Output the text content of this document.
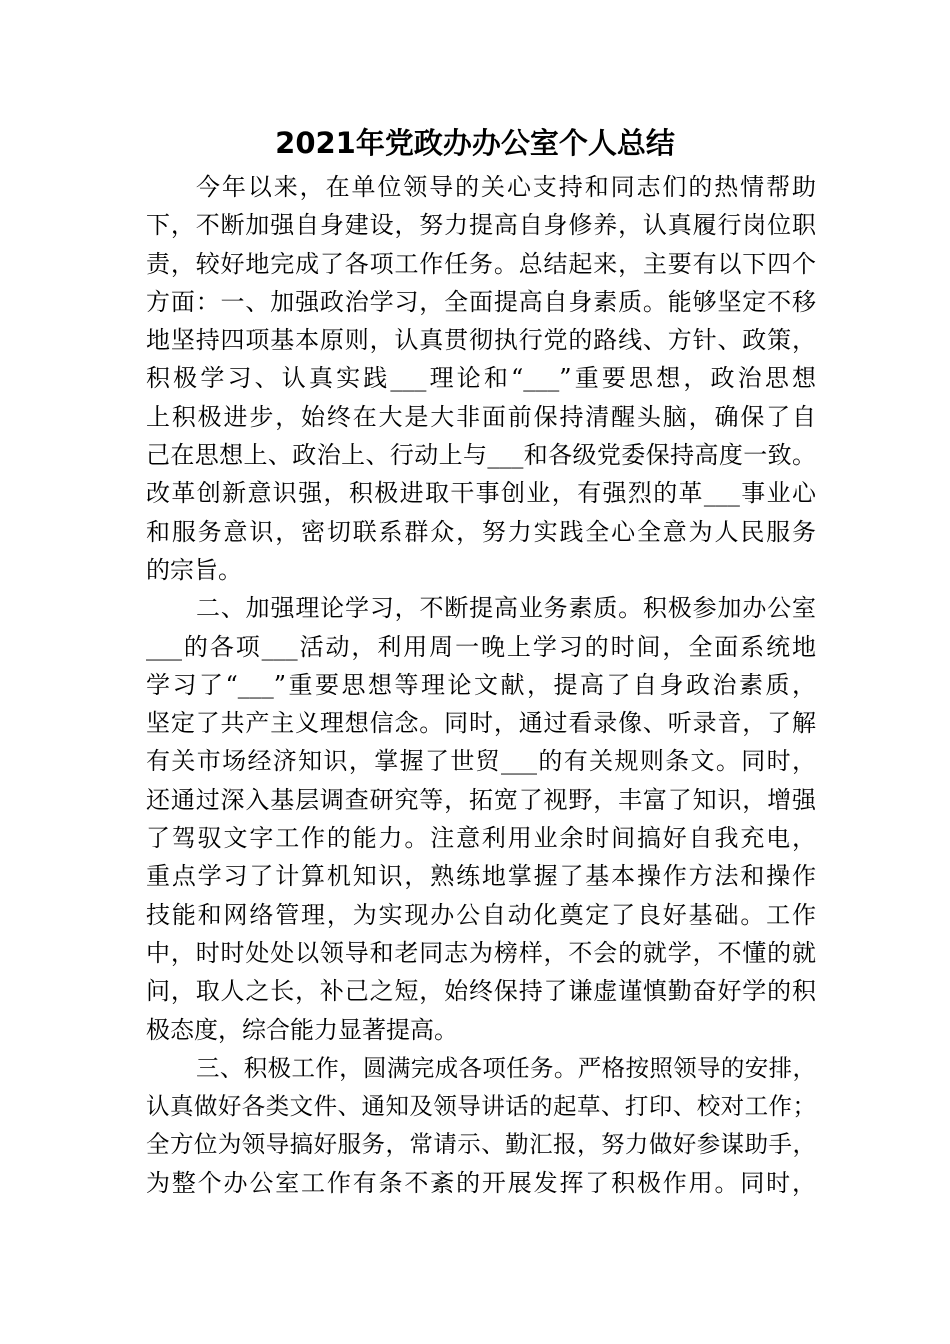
2021年党政办办公室个人总结
今年以来，在单位领导的关心支持和同志们的热情帮助
下，不断加强自身建设，努力提高自身修养，认真履行岗位职
责，较好地完成了各项工作任务。总结起来，主要有以下四个
方面：一、加强政治学习，全面提高自身素质。能够坚定不移
地坚持四项基本原则，认真贯彻执行党的路线、方针、政策，
积极学习、认真实践___理论和“___”重要思想，政治思想
上积极进步，始终在大是大非面前保持清醒头脑，确保了自
己在思想上、政治上、行动上与___和各级党委保持高度一致。
改革创新意识强，积极进取干事创业，有强烈的革___事业心
和服务意识，密切联系群众，努力实践全心全意为人民服务
的宗旨。
二、加强理论学习，不断提高业务素质。积极参加办公室
___的各项___活动，利用周一晚上学习的时间，全面系统地
学习了“___”重要思想等理论文献，提高了自身政治素质，
坚定了共产主义理想信念。同时，通过看录像、听录音，了解
有关市场经济知识，掌握了世贸___的有关规则条文。同时，
还通过深入基层调查研究等，拓宽了视野，丰富了知识，增强
了驾驭文字工作的能力。注意利用业余时间搞好自我充电，
重点学习了计算机知识，熟练地掌握了基本操作方法和操作
技能和网络管理，为实现办公自动化奠定了良好基础。工作
中，时时处处以领导和老同志为榜样，不会的就学，不懂的就
问，取人之长，补己之短，始终保持了谦虚谨慎勤奋好学的积
极态度，综合能力显著提高。
三、积极工作，圆满完成各项任务。严格按照领导的安排，
认真做好各类文件、通知及领导讲话的起草、打印、校对工作；
全方位为领导搞好服务，常请示、勤汇报，努力做好参谋助手，
为整个办公室工作有条不紊的开展发挥了积极作用。同时，
